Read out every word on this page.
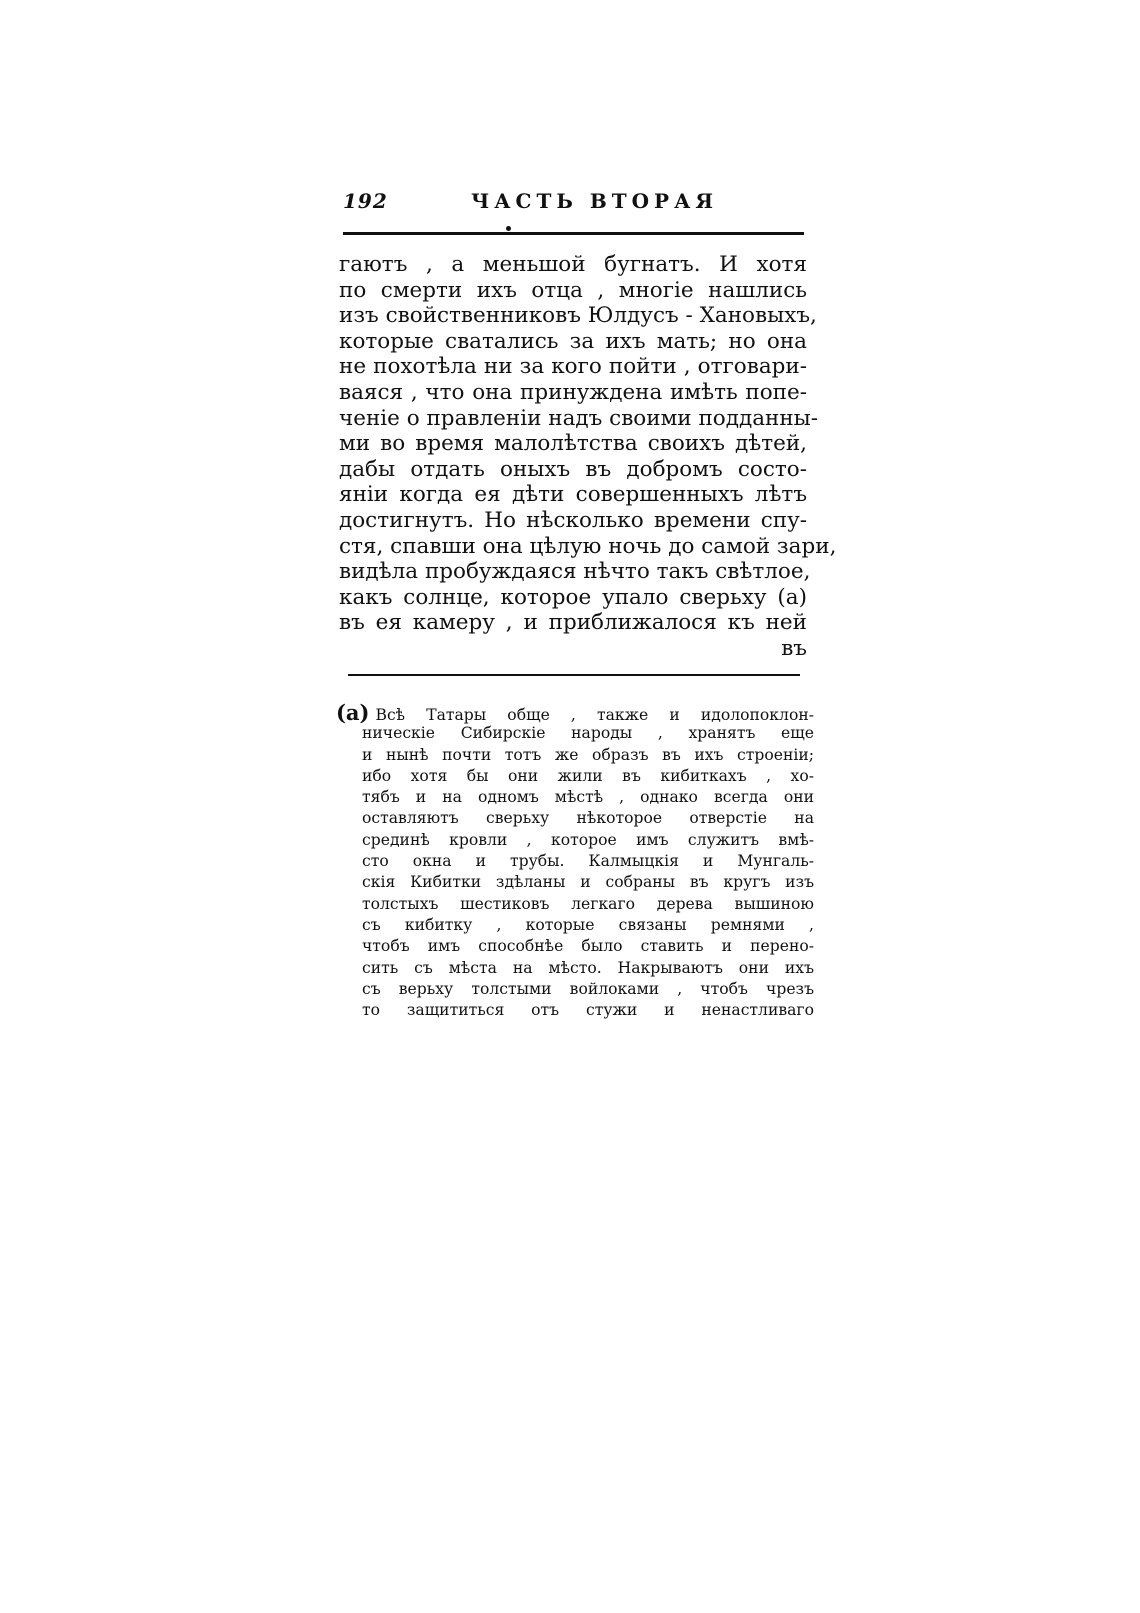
192	ЧАСТЬ ВТОРАЯ
гаютъ , а меньшой бугнатъ. И хотя
по смерти ихъ отца , многіе нашлись
изъ свойственниковъ Юлдусъ - Хановыхъ,
которые сватались за ихъ мать; но она
не похотѣла ни за кого пойти , отговари-
ваяся , что она принуждена имѣть попе-
ченіе о правленіи надъ своими подданны-
ми во время малолѣтства своихъ дѣтей,
дабы отдать оныхъ въ добромъ состо-
яніи когда ея дѣти совершенныхъ лѣтъ
достигнутъ. Но нѣсколько времени спу-
стя, спавши она цѣлую ночь до самой зари,
видѣла пробуждаяся нѣчто такъ свѣтлое,
какъ солнце, которое упало сверьху (а)
въ ея камеру , и приближалося къ ней
въ
(а) Всѣ Татары обще , также и идолопоклон-
ническіе Сибирскіе народы , хранятъ еще
и нынѣ почти тотъ же образъ въ ихъ строеніи;
ибо хотя бы они жили въ кибиткахъ , хо-
тябъ и на одномъ мѣстѣ , однако всегда они
оставляютъ сверьху нѣкоторое отверстіе на
срединѣ кровли , которое имъ служитъ вмѣ-
сто окна и трубы. Калмыцкія и Мунгаль-
скія Кибитки здѣланы и собраны въ кругъ изъ
толстыхъ шестиковъ легкаго дерева вышиною
съ кибитку , которые связаны ремнями ,
чтобъ имъ способнѣе было ставить и перено-
сить съ мѣста на мѣсто. Накрываютъ они ихъ
съ верьху толстыми войлоками , чтобъ чрезъ
то защититься отъ стужи и ненастливаго
